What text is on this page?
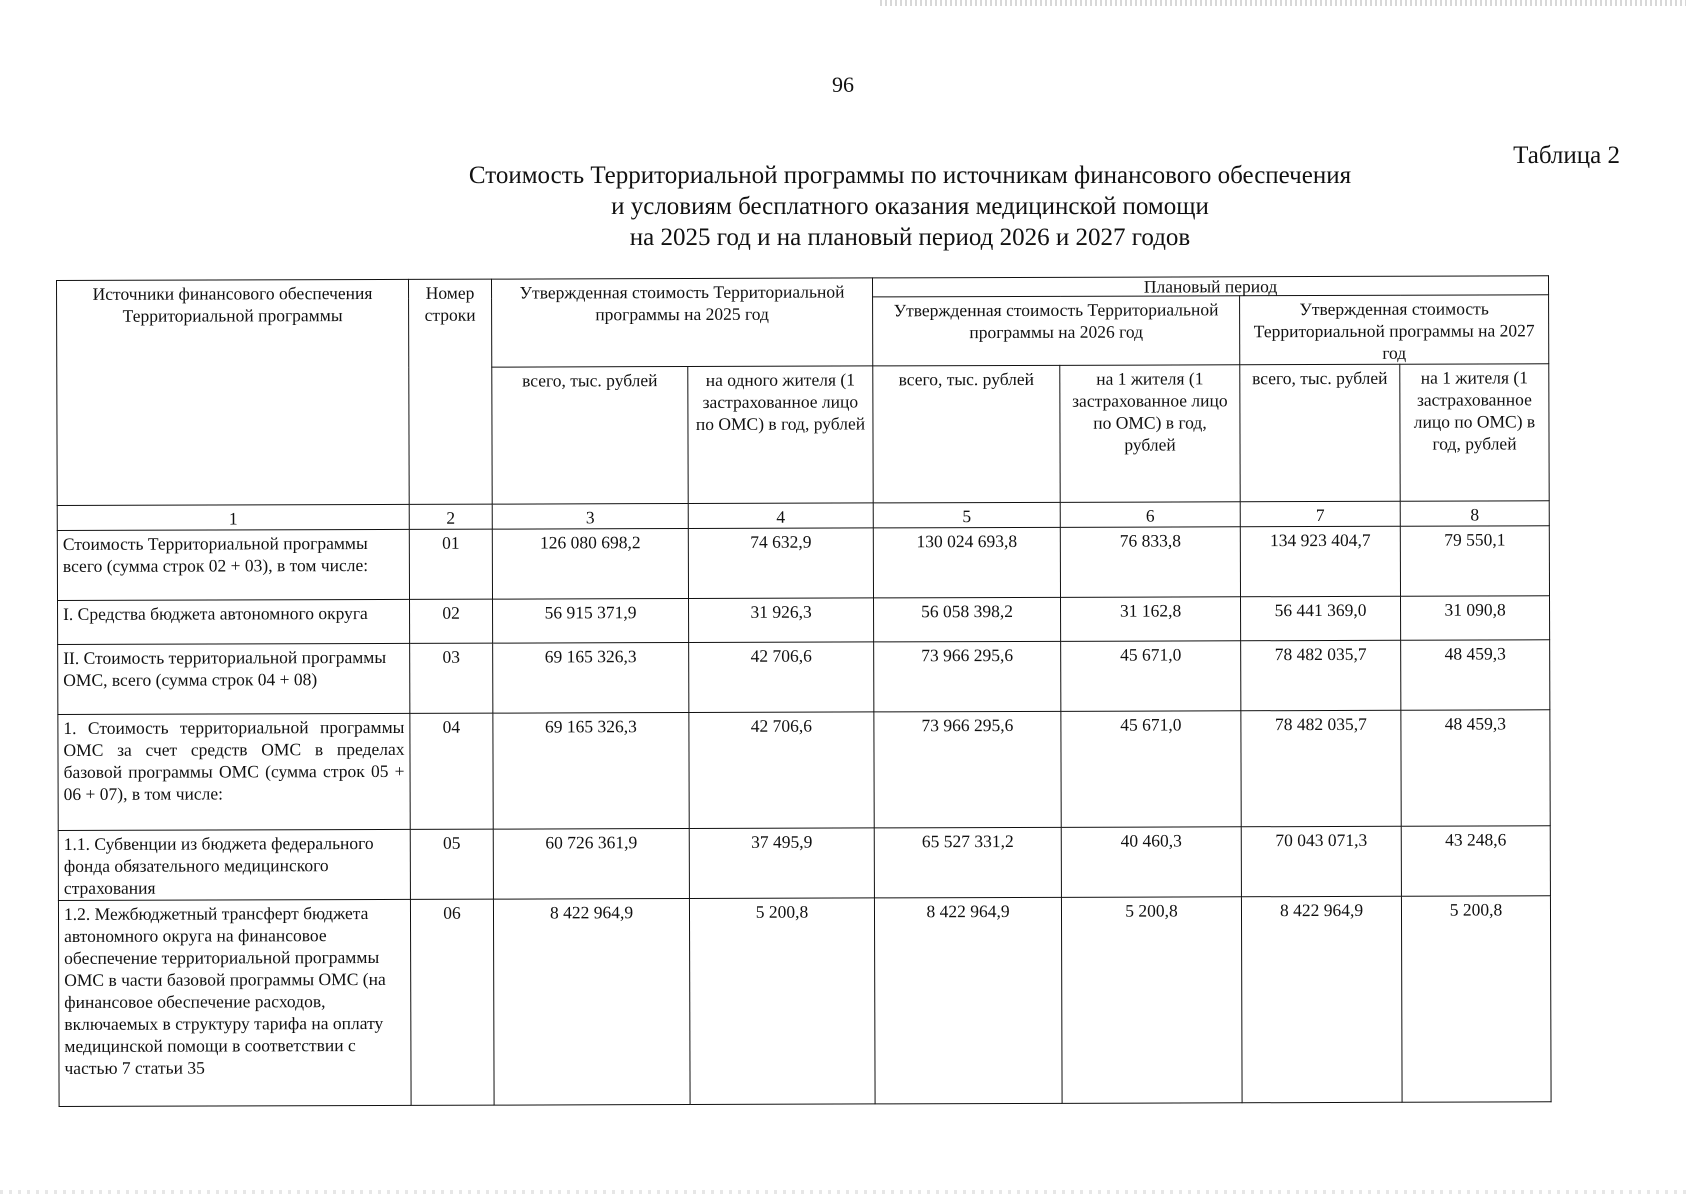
96
Таблица 2
Стоимость Территориальной программы по источникам финансового обеспечения
и условиям бесплатного оказания медицинской помощи
на 2025 год и на плановый период 2026 и 2027 годов
Источники финансового обеспечения Территориальной программы	Номер строки	Утвержденная стоимость Территориальной программы на 2025 год		Плановый период			
				Утвержденная стоимость Территориальной программы на 2026 год		Утвержденная стоимость Территориальной программы на 2027 год	
		всего, тыс. рублей	на одного жителя (1 застрахованное лицо по ОМС) в год, рублей	всего, тыс. рублей	на 1 жителя (1 застрахованное лицо по ОМС) в год, рублей	всего, тыс. рублей	на 1 жителя (1 застрахованное лицо по ОМС) в год, рублей
1	2	3	4	5	6	7	8
Стоимость Территориальной программы всего (сумма строк 02 + 03), в том числе:	01	126 080 698,2	74 632,9	130 024 693,8	76 833,8	134 923 404,7	79 550,1
I. Средства бюджета автономного округа	02	56 915 371,9	31 926,3	56 058 398,2	31 162,8	56 441 369,0	31 090,8
II. Стоимость территориальной программы ОМС, всего (сумма строк 04 + 08)	03	69 165 326,3	42 706,6	73 966 295,6	45 671,0	78 482 035,7	48 459,3
1. Стоимость территориальной программы ОМС за счет средств ОМС в пределах базовой программы ОМС (сумма строк 05 + 06 + 07), в том числе:	04	69 165 326,3	42 706,6	73 966 295,6	45 671,0	78 482 035,7	48 459,3
1.1. Субвенции из бюджета федерального фонда обязательного медицинского страхования	05	60 726 361,9	37 495,9	65 527 331,2	40 460,3	70 043 071,3	43 248,6
1.2. Межбюджетный трансферт бюджета автономного округа на финансовое обеспечение территориальной программы ОМС в части базовой программы ОМС (на финансовое обеспечение расходов, включаемых в структуру тарифа на оплату медицинской помощи в соответствии с частью 7 статьи 35	06	8 422 964,9	5 200,8	8 422 964,9	5 200,8	8 422 964,9	5 200,8
